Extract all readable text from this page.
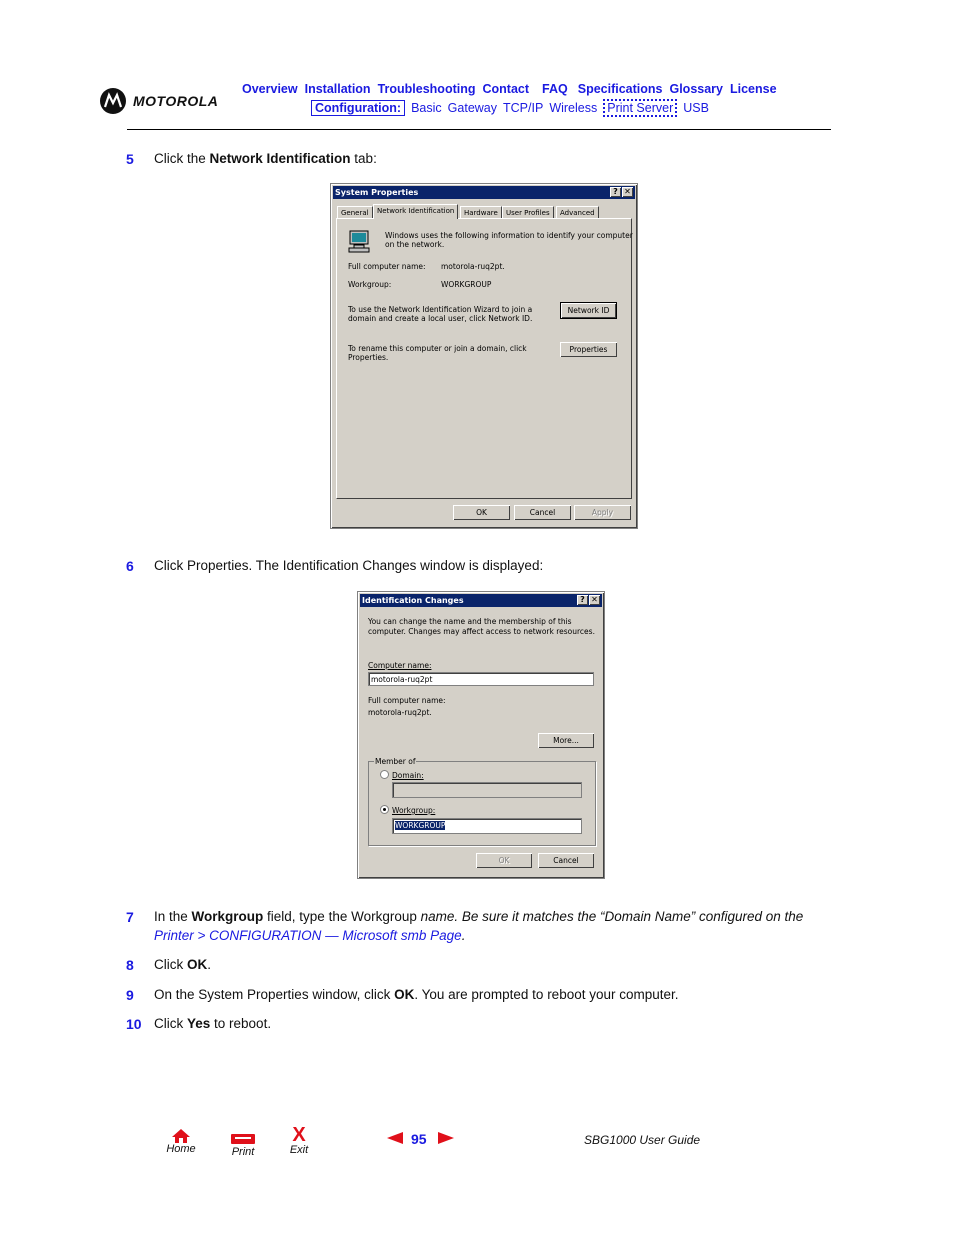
MOTOROLA
Overview Installation Troubleshooting Contact FAQ Specifications Glossary License
Configuration: Basic Gateway TCP/IP Wireless Print Server USB
5 Click the Network Identification tab:
System Properties	? ✕
General	Network Identification	Hardware	User Profiles	Advanced
Windows uses the following information to identify your computer
on the network.
Full computer name: motorola-ruq2pt.
Workgroup:	WORKGROUP
To use the Network Identification Wizard to join a
domain and create a local user, click Network ID.
Network ID
To rename this computer or join a domain, click
Properties.
Properties
OK	Cancel	Apply
6 Click Properties. The Identification Changes window is displayed:
Identification Changes	? ✕
You can change the name and the membership of this
computer. Changes may affect access to network resources.
Computer name:
motorola-ruq2pt
Full computer name:
motorola-ruq2pt.
More...
Member of
Domain:
Workgroup:
WORKGROUP
OK	Cancel
7 In the Workgroup field, type the Workgroup name. Be sure it matches the “Domain Name” configured on the
Printer > CONFIGURATION — Microsoft smb Page.
8 Click OK.
9 On the System Properties window, click OK. You are prompted to reboot your computer.
10 Click Yes to reboot.
Home	Print
X
Exit
95	SBG1000 User Guide
